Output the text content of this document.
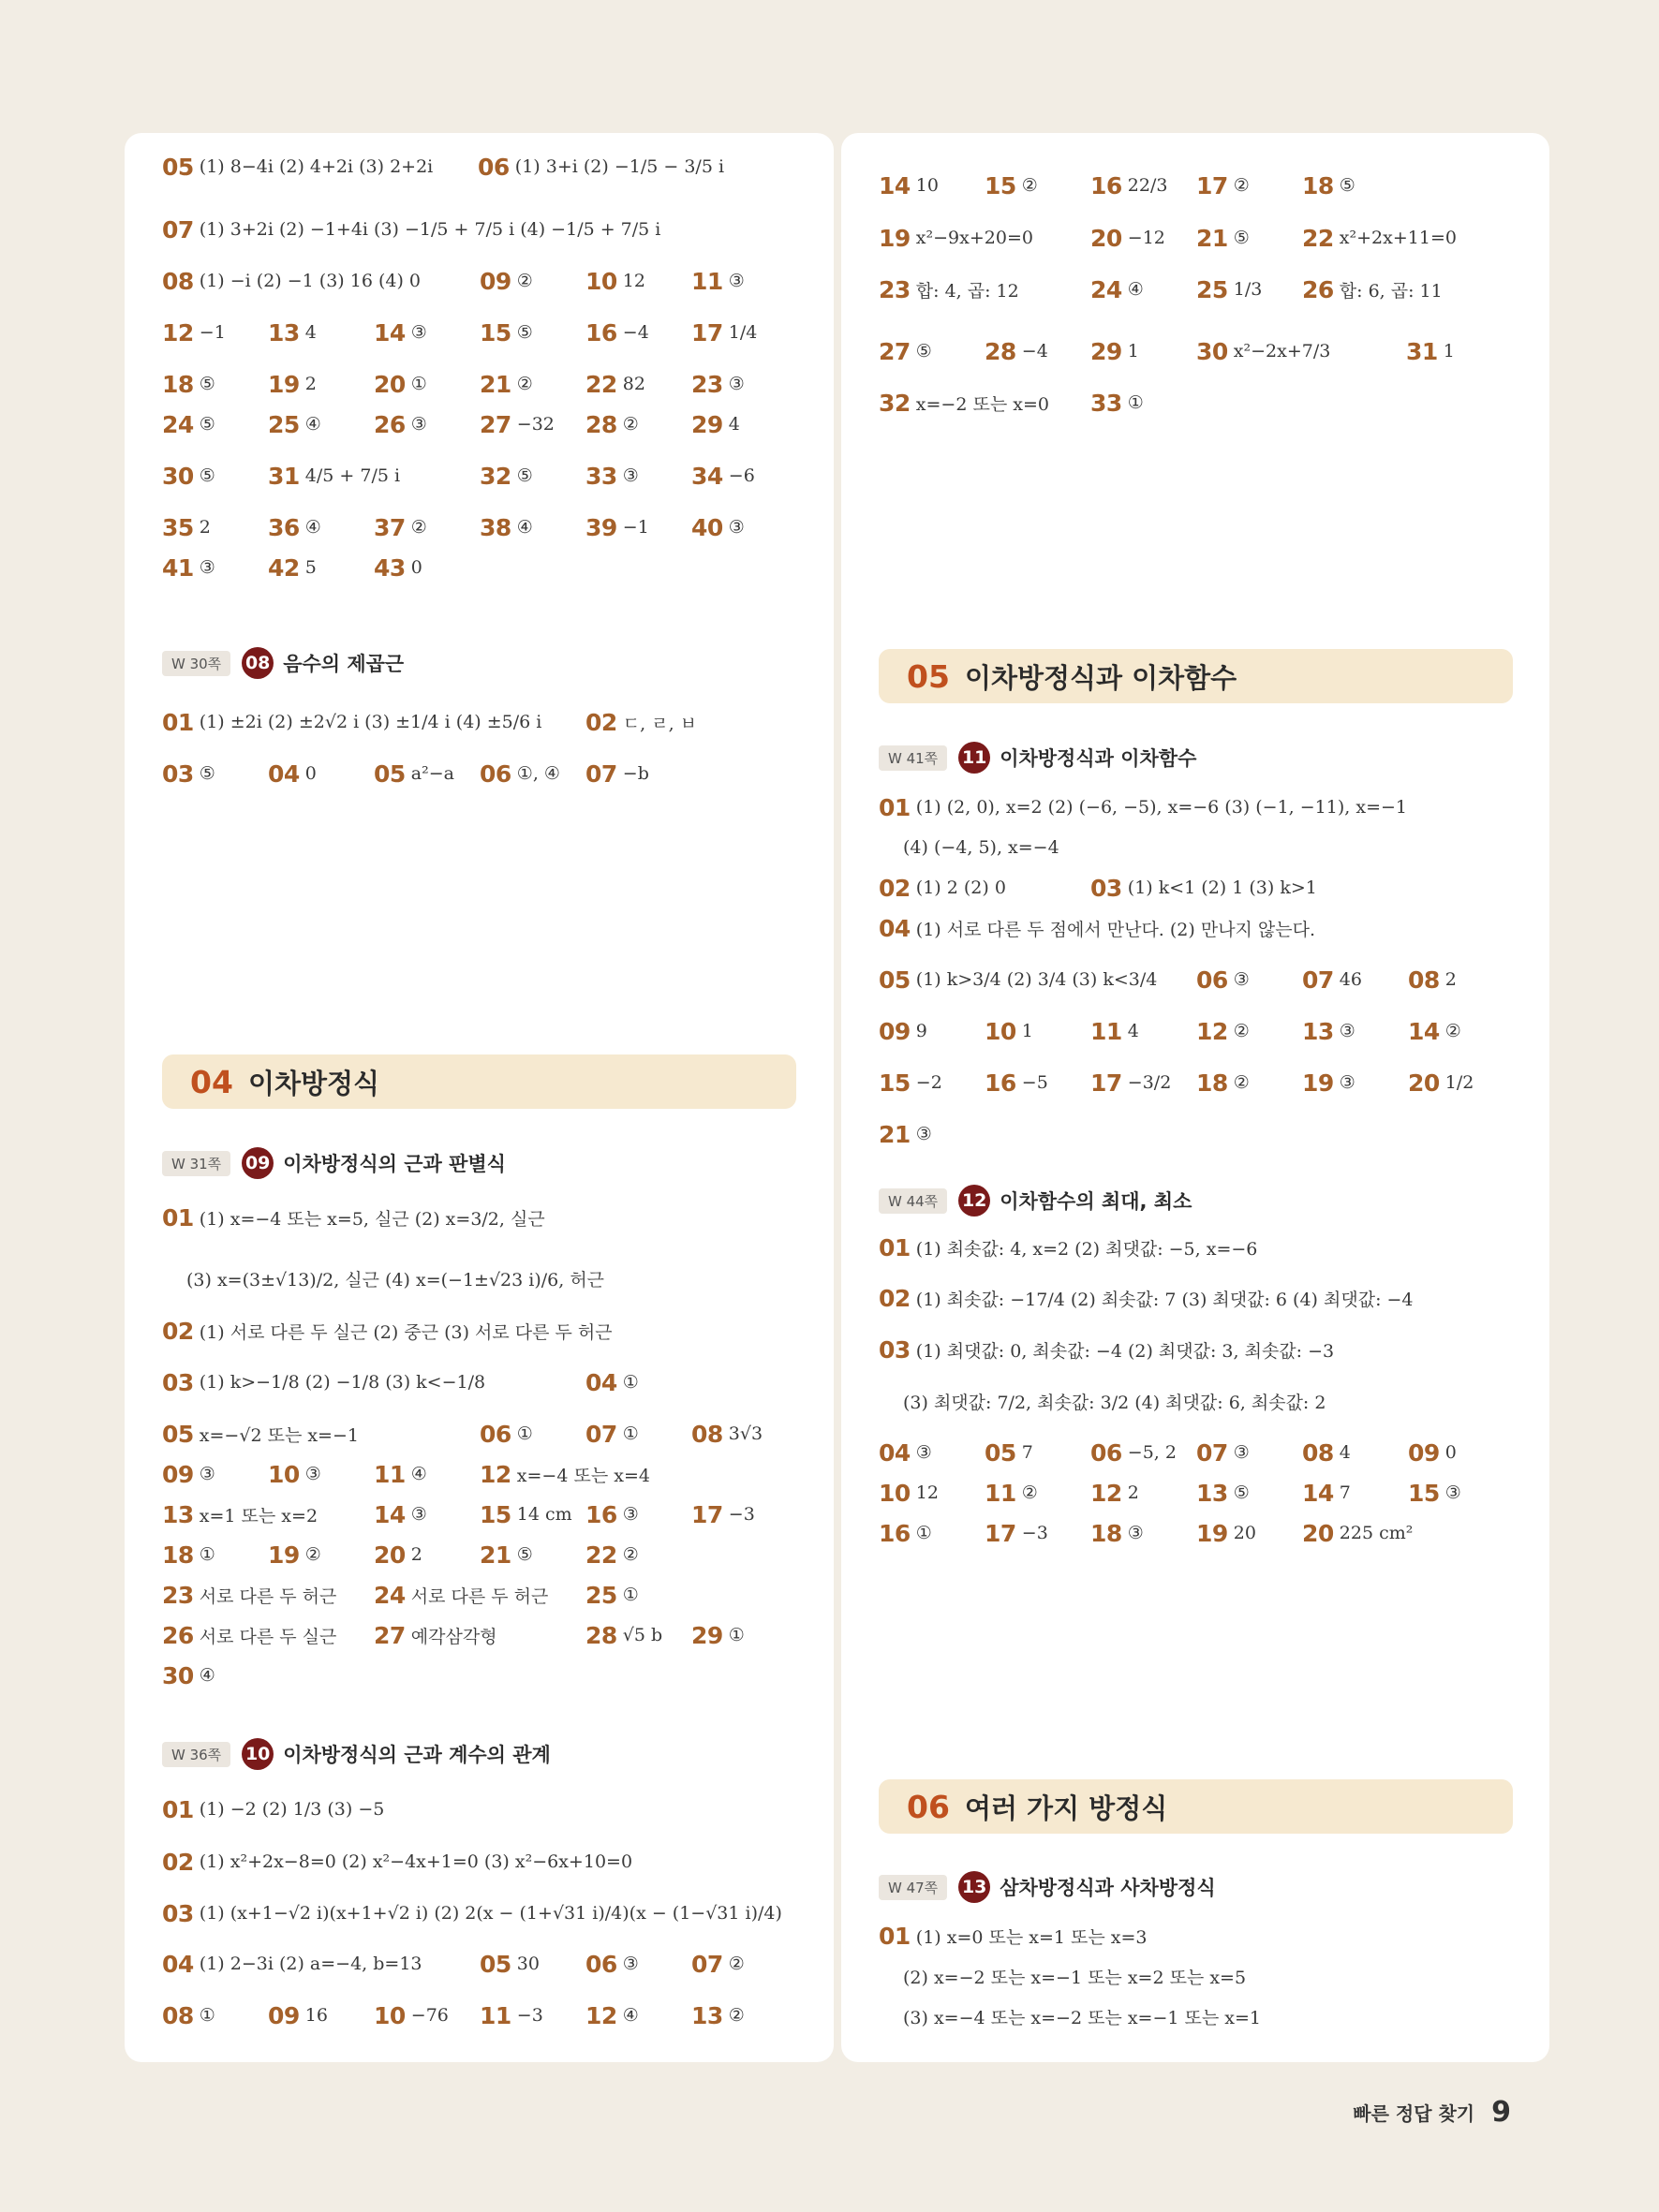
05 (1) 8−4i (2) 4+2i (3) 2+2i 06 (1) 3+i (2) −1/5 − 3/5 i
07 (1) 3+2i (2) −1+4i (3) −1/5 + 7/5 i (4) −1/5 + 7/5 i
08 (1) −i (2) −1 (3) 16 (4) 0	09 ② 10 12 11 ③
12 −1 13 4 14 ③ 15 ⑤ 16 −4 17 1/4
18 ⑤ 19 2 20 ① 21 ② 22 82 23 ③
24 ⑤ 25 ④ 26 ③ 27 −32 28 ② 29 4
30 ⑤ 31 4/5 + 7/5 i	32 ⑤ 33 ③ 34 −6
35 2 36 ④ 37 ② 38 ④ 39 −1 40 ③
41 ③ 42 5 43 0
W 30쪽	08 음수의 제곱근
01 (1) ±2i (2) ±2√2 i (3) ±1/4 i (4) ±5/6 i 02 ㄷ, ㄹ, ㅂ
03 ⑤ 04 0 05 a²−a 06 ①, ④ 07 −b
04 이차방정식
W 31쪽	09 이차방정식의 근과 판별식
01 (1) x=−4 또는 x=5, 실근 (2) x=3/2, 실근
(3) x=(3±√13)/2, 실근 (4) x=(−1±√23 i)/6, 허근
02 (1) 서로 다른 두 실근 (2) 중근 (3) 서로 다른 두 허근
03 (1) k>−1/8 (2) −1/8 (3) k<−1/8	04 ①
05 x=−√2 또는 x=−1	06 ① 07 ① 08 3√3
09 ③ 10 ③ 11 ④ 12 x=−4 또는 x=4
13 x=1 또는 x=2 14 ③ 15 14 cm 16 ③ 17 −3
18 ① 19 ② 20 2 21 ⑤ 22 ②
23 서로 다른 두 허근 24 서로 다른 두 허근 25 ①
26 서로 다른 두 실근 27 예각삼각형	28 √5 b 29 ①
30 ④
W 36쪽	10 이차방정식의 근과 계수의 관계
01 (1) −2 (2) 1/3 (3) −5
02 (1) x²+2x−8=0 (2) x²−4x+1=0 (3) x²−6x+10=0
03 (1) (x+1−√2 i)(x+1+√2 i) (2) 2(x − (1+√31 i)/4)(x − (1−√31 i)/4)
04 (1) 2−3i (2) a=−4, b=13 05 30 06 ③ 07 ②
08 ① 09 16 10 −76 11 −3 12 ④ 13 ②
14 10 15 ② 16 22/3 17 ② 18 ⑤
19 x²−9x+20=0 20 −12 21 ⑤ 22 x²+2x+11=0
23 합: 4, 곱: 12	24 ④ 25 1/3 26 합: 6, 곱: 11
27 ⑤ 28 −4 29 1 30 x²−2x+7/3	31 1
32 x=−2 또는 x=0 33 ①
05 이차방정식과 이차함수
W 41쪽	11 이차방정식과 이차함수
01 (1) (2, 0), x=2 (2) (−6, −5), x=−6 (3) (−1, −11), x=−1
(4) (−4, 5), x=−4
02 (1) 2 (2) 0	03 (1) k<1 (2) 1 (3) k>1
04 (1) 서로 다른 두 점에서 만난다. (2) 만나지 않는다.
05 (1) k>3/4 (2) 3/4 (3) k<3/4 06 ③ 07 46 08 2
09 9 10 1 11 4 12 ② 13 ③ 14 ②
15 −2 16 −5 17 −3/2 18 ② 19 ③ 20 1/2
21 ③
W 44쪽	12 이차함수의 최대, 최소
01 (1) 최솟값: 4, x=2 (2) 최댓값: −5, x=−6
02 (1) 최솟값: −17/4 (2) 최솟값: 7 (3) 최댓값: 6 (4) 최댓값: −4
03 (1) 최댓값: 0, 최솟값: −4 (2) 최댓값: 3, 최솟값: −3
(3) 최댓값: 7/2, 최솟값: 3/2 (4) 최댓값: 6, 최솟값: 2
04 ③ 05 7 06 −5, 2 07 ③ 08 4 09 0
10 12 11 ② 12 2 13 ⑤ 14 7 15 ③
16 ① 17 −3 18 ③ 19 20 20 225 cm²
06 여러 가지 방정식
W 47쪽	13 삼차방정식과 사차방정식
01 (1) x=0 또는 x=1 또는 x=3
(2) x=−2 또는 x=−1 또는 x=2 또는 x=5
(3) x=−4 또는 x=−2 또는 x=−1 또는 x=1
빠른 정답 찾기 9
